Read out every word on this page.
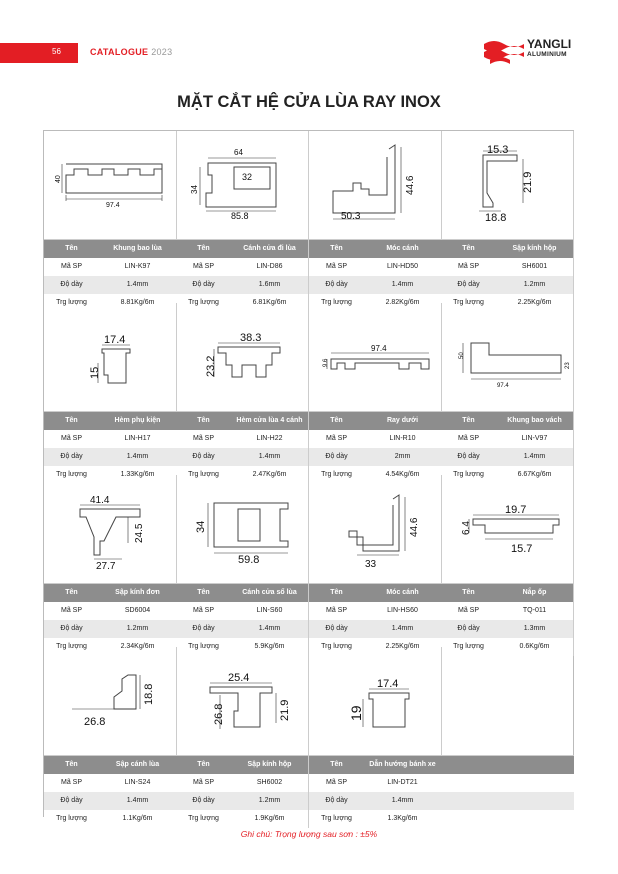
56	CATALOGUE 2023
YANGLI
ALUMINIUM
MẶT CẮT HỆ CỬA LÙA RAY INOX
97.4
40
Tên	Khung bao lùa
Mã SP	LIN-K97
Độ dày	1.4mm
Trg lượng	8.81Kg/6m
64
32
34
85.8
Tên	Cánh cửa đi lùa
Mã SP	LIN-D86
Độ dày	1.6mm
Trg lượng	6.81Kg/6m
44.6
50.3
Tên	Móc cánh
Mã SP	LIN-HD50
Độ dày	1.4mm
Trg lượng	2.82Kg/6m
15.3
21.9
18.8
Tên	Sập kính hộp
Mã SP	SH6001
Độ dày	1.2mm
Trg lượng	2.25Kg/6m
17.4
15
Tên	Hèm phụ kiện
Mã SP	LIN-H17
Độ dày	1.4mm
Trg lượng	1.33Kg/6m
38.3
23.2
Tên	Hèm cửa lùa 4 cánh
Mã SP	LIN-H22
Độ dày	1.4mm
Trg lượng	2.47Kg/6m
97.4
9.6
Tên	Ray dưới
Mã SP	LIN-R10
Độ dày	2mm
Trg lượng	4.54Kg/6m
97.4
50
23
Tên	Khung bao vách
Mã SP	LIN-V97
Độ dày	1.4mm
Trg lượng	6.67Kg/6m
41.4
24.5
27.7
Tên	Sập kính đơn
Mã SP	SD6004
Độ dày	1.2mm
Trg lượng	2.34Kg/6m
59.8
34
Tên	Cánh cửa sổ lùa
Mã SP	LIN-S60
Độ dày	1.4mm
Trg lượng	5.9Kg/6m
44.6
33
Tên	Móc cánh
Mã SP	LIN-HS60
Độ dày	1.4mm
Trg lượng	2.25Kg/6m
19.7
6.4
15.7
Tên	Nắp ốp
Mã SP	TQ-011
Độ dày	1.3mm
Trg lượng	0.6Kg/6m
18.8
26.8
Tên	Sập cánh lùa
Mã SP	LIN-S24
Độ dày	1.4mm
Trg lượng	1.1Kg/6m
25.4
26.8	21.9
Tên	Sập kính hộp
Mã SP	SH6002
Độ dày	1.2mm
Trg lượng	1.9Kg/6m
17.4
19
Tên	Dẫn hướng bánh xe
Mã SP	LIN-DT21
Độ dày	1.4mm
Trg lượng	1.3Kg/6m
Ghi chú: Trọng lượng sau sơn : ±5%
